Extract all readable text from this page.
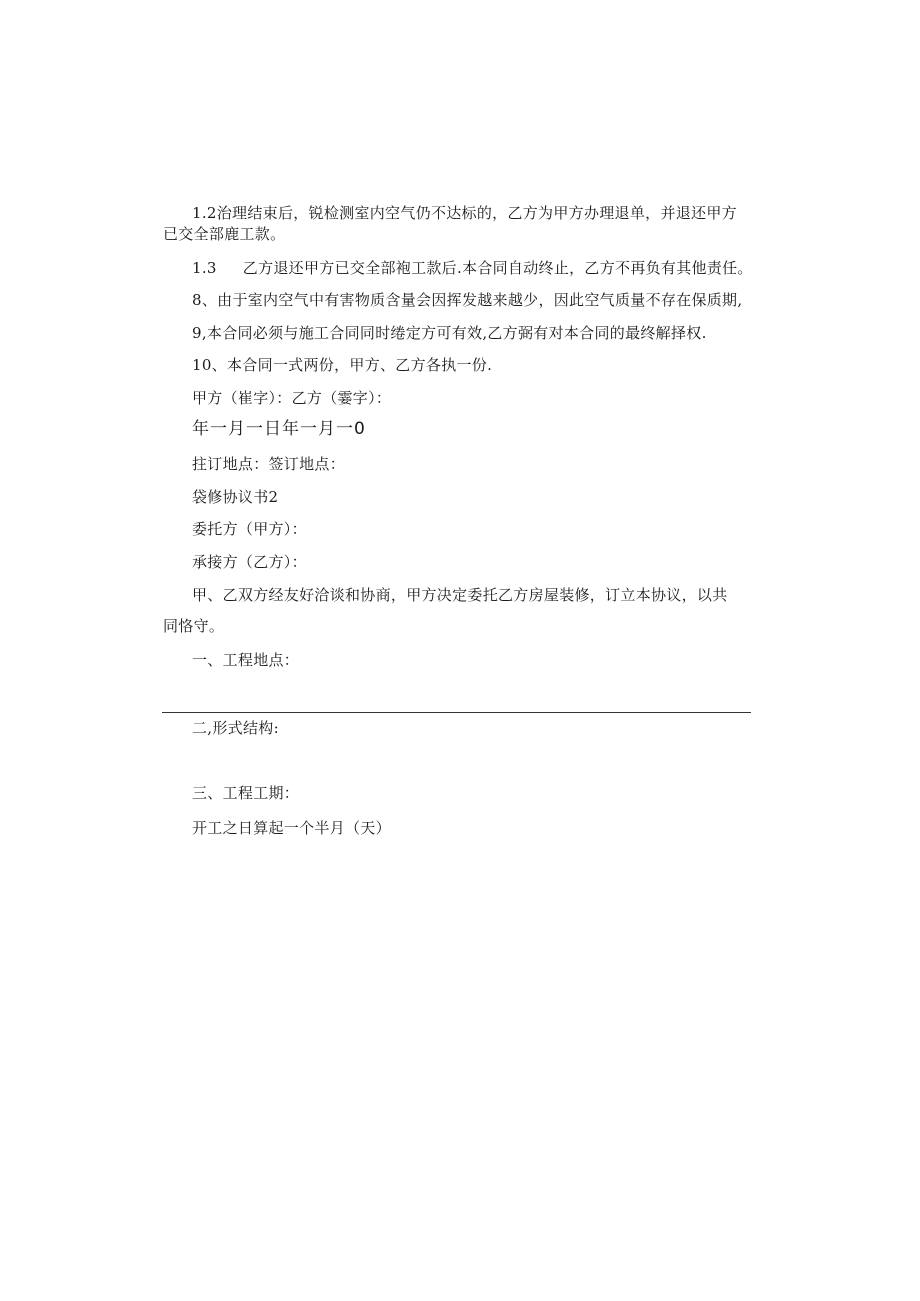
1.2治理结束后，锐检测室内空气仍不达标的，乙方为甲方办理退单，并退还甲方
已交全部鹿工款。
1.3 乙方退还甲方已交全部袍工款后.本合同自动终止，乙方不再负有其他责任。
8、由于室内空气中有害物质含量会因挥发越来越少，因此空气质量不存在保质期,
9,本合同必须与施工合同同时绻定方可有效,乙方弼有对本合同的最终解择权.
10、本合同一式两份，甲方、乙方各执一份.
甲方（崔字）：乙方（霎字）：
年一月一日年一月一0
拄订地点：签订地点：
袋修协议书2
委托方（甲方）：
承接方（乙方）：
甲、乙双方经友好洽谈和协商，甲方决定委托乙方房屋装修，订立本协议，以共
同恪守。
一、工程地点：
二,形式结构:
三、工程工期：
开工之日算起一个半月（天）
